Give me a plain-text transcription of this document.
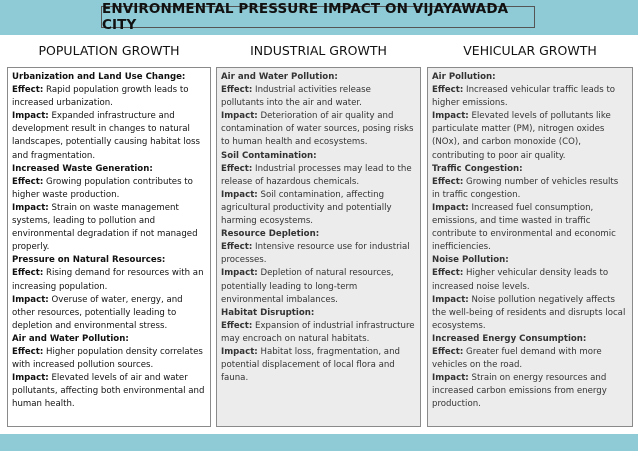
ENVIRONMENTAL PRESSURE IMPACT ON VIJAYAWADA CITY
POPULATION GROWTH	INDUSTRIAL GROWTH	VEHICULAR GROWTH
Urbanization and Land Use Change:
Effect: Rapid population growth leads to increased urbanization.
Impact: Expanded infrastructure and development result in changes to natural landscapes, potentially causing habitat loss and fragmentation.
Increased Waste Generation:
Effect: Growing population contributes to higher waste production.
Impact: Strain on waste management systems, leading to pollution and environmental degradation if not managed properly.
Pressure on Natural Resources:
Effect: Rising demand for resources with an increasing population.
Impact: Overuse of water, energy, and other resources, potentially leading to depletion and environmental stress.
Air and Water Pollution:
Effect: Higher population density correlates with increased pollution sources.
Impact: Elevated levels of air and water pollutants, affecting both environmental and human health.
Air and Water Pollution:
Effect: Industrial activities release pollutants into the air and water.
Impact: Deterioration of air quality and contamination of water sources, posing risks to human health and ecosystems.
Soil Contamination:
Effect: Industrial processes may lead to the release of hazardous chemicals.
Impact: Soil contamination, affecting agricultural productivity and potentially harming ecosystems.
Resource Depletion:
Effect: Intensive resource use for industrial processes.
Impact: Depletion of natural resources, potentially leading to long-term environmental imbalances.
Habitat Disruption:
Effect: Expansion of industrial infrastructure may encroach on natural habitats.
Impact: Habitat loss, fragmentation, and potential displacement of local flora and fauna.
Air Pollution:
Effect: Increased vehicular traffic leads to higher emissions.
Impact: Elevated levels of pollutants like particulate matter (PM), nitrogen oxides (NOx), and carbon monoxide (CO), contributing to poor air quality.
Traffic Congestion:
Effect: Growing number of vehicles results in traffic congestion.
Impact: Increased fuel consumption, emissions, and time wasted in traffic contribute to environmental and economic inefficiencies.
Noise Pollution:
Effect: Higher vehicular density leads to increased noise levels.
Impact: Noise pollution negatively affects the well-being of residents and disrupts local ecosystems.
Increased Energy Consumption:
Effect: Greater fuel demand with more vehicles on the road.
Impact: Strain on energy resources and increased carbon emissions from energy production.
